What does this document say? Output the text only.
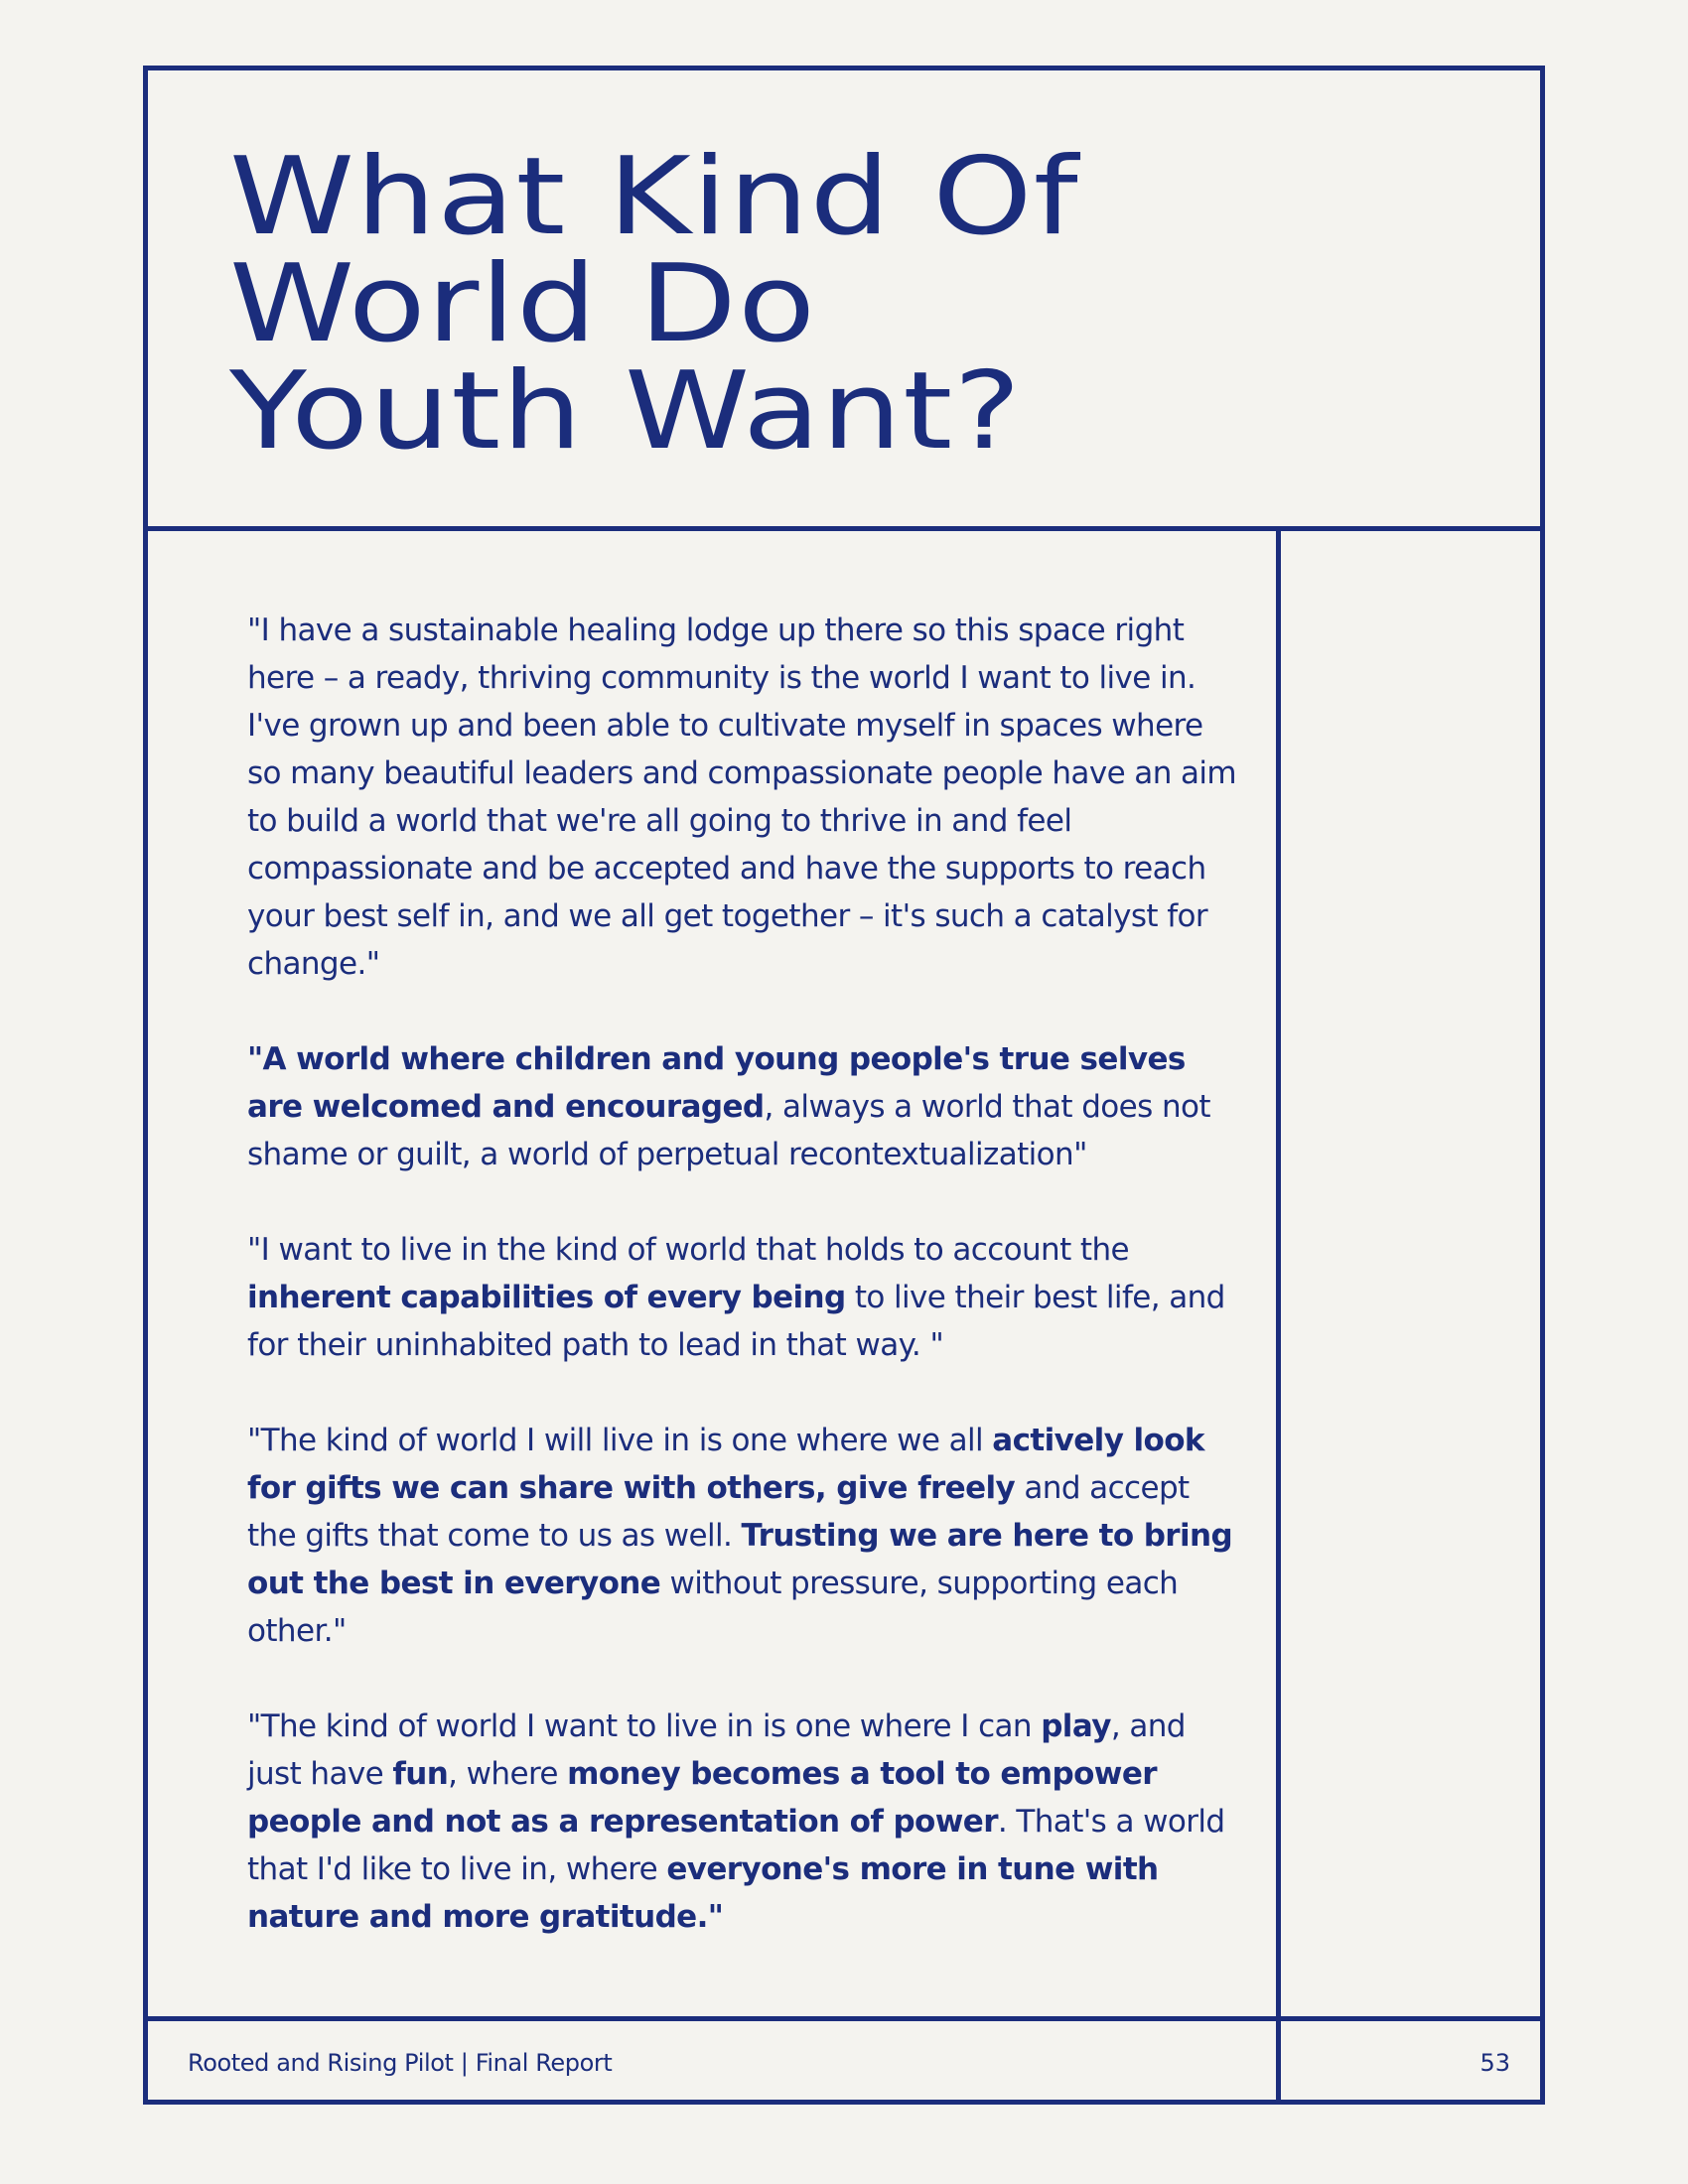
What Kind Of
World Do
Youth Want?

"I have a sustainable healing lodge up there so this space right here – a ready, thriving community is the world I want to live in. I've grown up and been able to cultivate myself in spaces where so many beautiful leaders and compassionate people have an aim to build a world that we're all going to thrive in and feel compassionate and be accepted and have the supports to reach your best self in, and we all get together – it's such a catalyst for change."

"A world where children and young people's true selves are welcomed and encouraged, always a world that does not shame or guilt, a world of perpetual recontextualization"

"I want to live in the kind of world that holds to account the inherent capabilities of every being to live their best life, and for their uninhabited path to lead in that way. "

"The kind of world I will live in is one where we all actively look for gifts we can share with others, give freely and accept the gifts that come to us as well. Trusting we are here to bring out the best in everyone without pressure, supporting each other."

"The kind of world I want to live in is one where I can play, and just have fun, where money becomes a tool to empower people and not as a representation of power. That's a world that I'd like to live in, where everyone's more in tune with nature and more gratitude."

Rooted and Rising Pilot | Final Report	53
